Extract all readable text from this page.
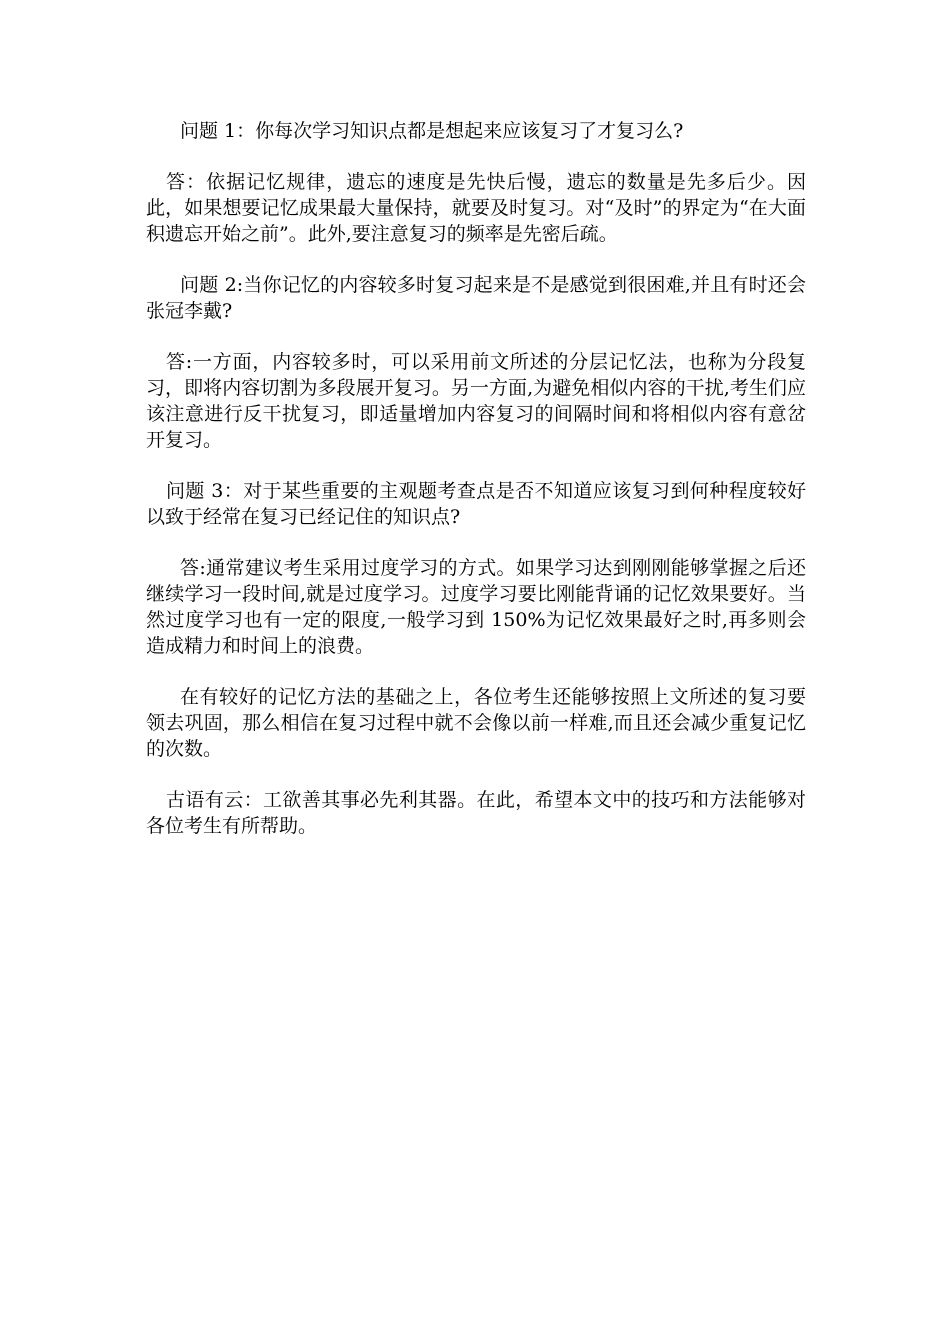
问题 1：你每次学习知识点都是想起来应该复习了才复习么?

答：依据记忆规律，遗忘的速度是先快后慢，遗忘的数量是先多后少。因此，如果想要记忆成果最大量保持，就要及时复习。对“及时”的界定为“在大面积遗忘开始之前”。此外,要注意复习的频率是先密后疏。

问题 2:当你记忆的内容较多时复习起来是不是感觉到很困难,并且有时还会张冠李戴?

答:一方面，内容较多时，可以采用前文所述的分层记忆法，也称为分段复习，即将内容切割为多段展开复习。另一方面,为避免相似内容的干扰,考生们应该注意进行反干扰复习，即适量增加内容复习的间隔时间和将相似内容有意岔开复习。

问题 3：对于某些重要的主观题考查点是否不知道应该复习到何种程度较好以致于经常在复习已经记住的知识点?

答:通常建议考生采用过度学习的方式。如果学习达到刚刚能够掌握之后还继续学习一段时间,就是过度学习。过度学习要比刚能背诵的记忆效果要好。当然过度学习也有一定的限度,一般学习到 150%为记忆效果最好之时,再多则会造成精力和时间上的浪费。

在有较好的记忆方法的基础之上，各位考生还能够按照上文所述的复习要领去巩固，那么相信在复习过程中就不会像以前一样难,而且还会减少重复记忆的次数。

古语有云：工欲善其事必先利其器。在此，希望本文中的技巧和方法能够对各位考生有所帮助。
